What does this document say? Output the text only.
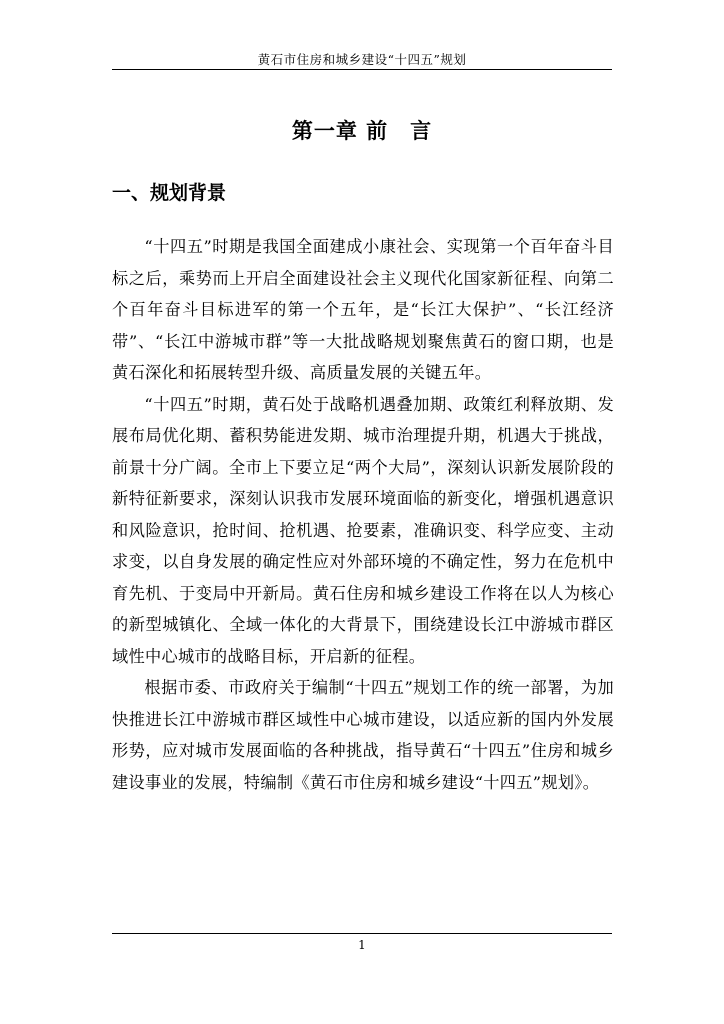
黄石市住房和城乡建设“十四五”规划
第一章 前　言
一、规划背景

“十四五”时期是我国全面建成小康社会、实现第一个百年奋斗目标之后，乘势而上开启全面建设社会主义现代化国家新征程、向第二个百年奋斗目标进军的第一个五年，是“长江大保护”、“长江经济带”、“长江中游城市群”等一大批战略规划聚焦黄石的窗口期，也是黄石深化和拓展转型升级、高质量发展的关键五年。

“十四五”时期，黄石处于战略机遇叠加期、政策红利释放期、发展布局优化期、蓄积势能进发期、城市治理提升期，机遇大于挑战，前景十分广阔。全市上下要立足“两个大局”，深刻认识新发展阶段的新特征新要求，深刻认识我市发展环境面临的新变化，增强机遇意识和风险意识，抢时间、抢机遇、抢要素，准确识变、科学应变、主动求变，以自身发展的确定性应对外部环境的不确定性，努力在危机中育先机、于变局中开新局。黄石住房和城乡建设工作将在以人为核心的新型城镇化、全域一体化的大背景下，围绕建设长江中游城市群区域性中心城市的战略目标，开启新的征程。

根据市委、市政府关于编制“十四五”规划工作的统一部署，为加快推进长江中游城市群区域性中心城市建设，以适应新的国内外发展形势，应对城市发展面临的各种挑战，指导黄石“十四五”住房和城乡建设事业的发展，特编制《黄石市住房和城乡建设“十四五”规划》。

1
